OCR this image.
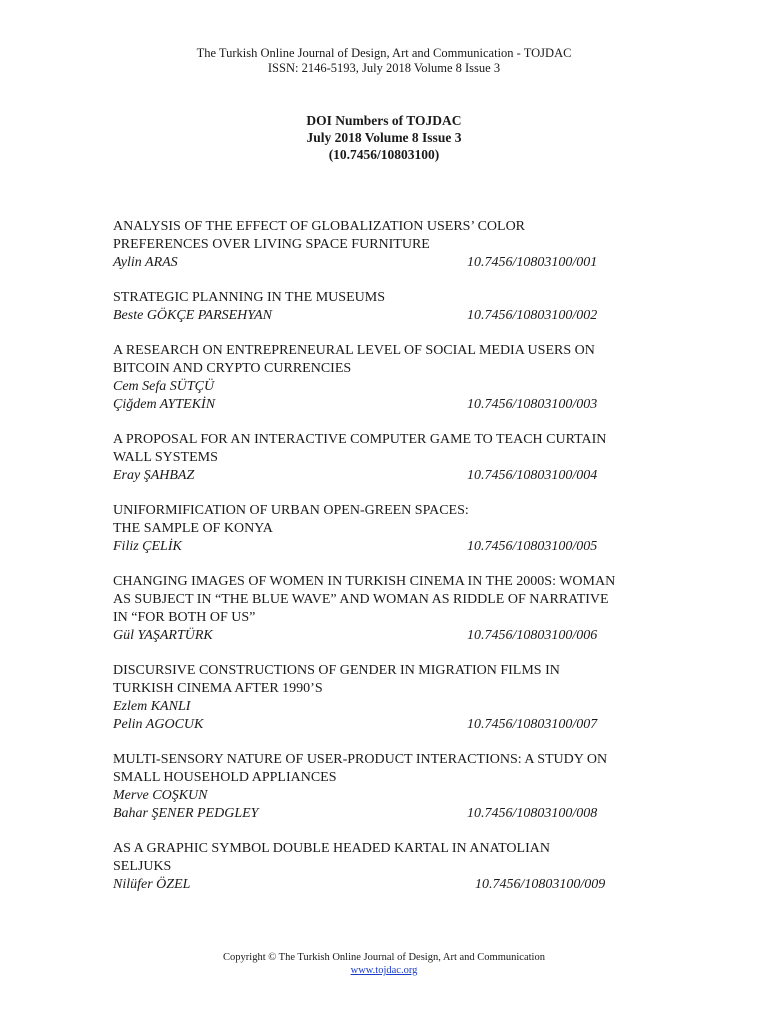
The Turkish Online Journal of Design, Art and Communication - TOJDAC
ISSN: 2146-5193, July 2018 Volume 8 Issue 3
DOI Numbers of TOJDAC
July 2018 Volume 8 Issue 3
(10.7456/10803100)
ANALYSIS OF THE EFFECT OF GLOBALIZATION USERS’ COLOR
PREFERENCES OVER LIVING SPACE FURNITURE
Aylin ARAS	10.7456/10803100/001
STRATEGIC PLANNING IN THE MUSEUMS
Beste GÖKÇE PARSEHYAN	10.7456/10803100/002
A RESEARCH ON ENTREPRENEURAL LEVEL OF SOCIAL MEDIA USERS ON
BITCOIN AND CRYPTO CURRENCIES
Cem Sefa SÜTÇÜ
Çiğdem AYTEKİN	10.7456/10803100/003
A PROPOSAL FOR AN INTERACTIVE COMPUTER GAME TO TEACH CURTAIN
WALL SYSTEMS
Eray ŞAHBAZ	10.7456/10803100/004
UNIFORMIFICATION OF URBAN OPEN-GREEN SPACES:
THE SAMPLE OF KONYA
Filiz ÇELİK	10.7456/10803100/005
CHANGING IMAGES OF WOMEN IN TURKISH CINEMA IN THE 2000S: WOMAN
AS SUBJECT IN “THE BLUE WAVE” AND WOMAN AS RIDDLE OF NARRATIVE
IN “FOR BOTH OF US”
Gül YAŞARTÜRK	10.7456/10803100/006
DISCURSIVE CONSTRUCTIONS OF GENDER IN MIGRATION FILMS IN
TURKISH CINEMA AFTER 1990’S
Ezlem KANLI
Pelin AGOCUK	10.7456/10803100/007
MULTI-SENSORY NATURE OF USER-PRODUCT INTERACTIONS: A STUDY ON
SMALL HOUSEHOLD APPLIANCES
Merve COŞKUN
Bahar ŞENER PEDGLEY	10.7456/10803100/008
AS A GRAPHIC SYMBOL DOUBLE HEADED KARTAL IN ANATOLIAN
SELJUKS
Nilüfer ÖZEL	10.7456/10803100/009
Copyright © The Turkish Online Journal of Design, Art and Communication
www.tojdac.org
